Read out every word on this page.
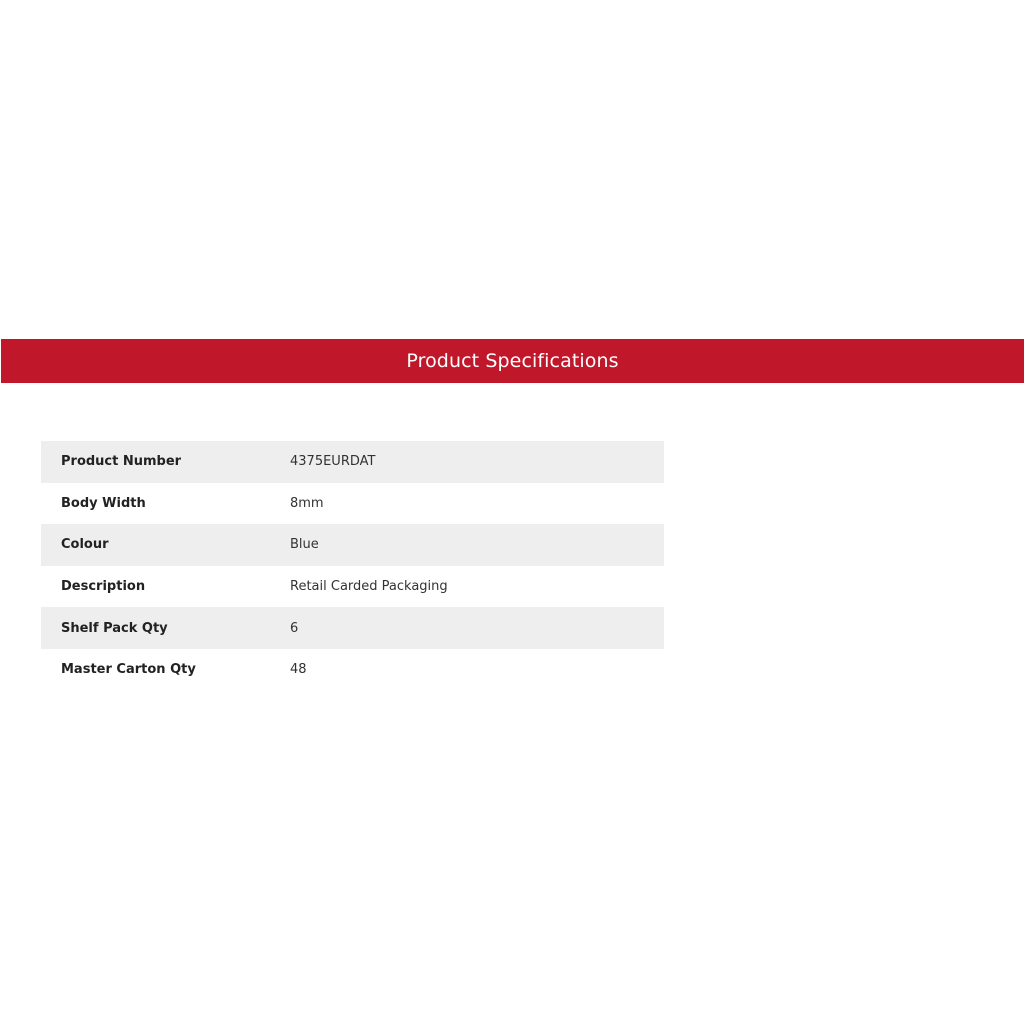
Product Specifications
Product Number	4375EURDAT
Body Width	8mm
Colour	Blue
Description	Retail Carded Packaging
Shelf Pack Qty	6
Master Carton Qty	48
